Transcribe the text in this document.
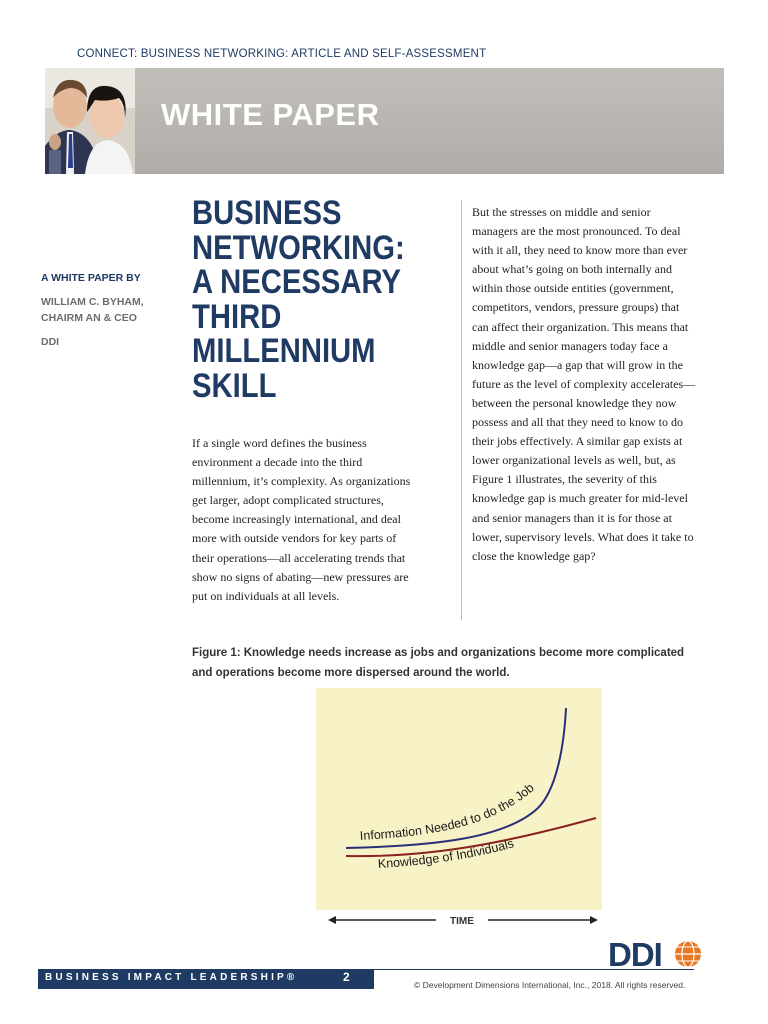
CONNECT: BUSINESS NETWORKING: ARTICLE AND SELF-ASSESSMENT
WHITE PAPER
A WHITE PAPER BY
WILLIAM C. BYHAM,
CHAIRM AN & CEO
DDI
BUSINESS
NETWORKING:
A NECESSARY
THIRD
MILLENNIUM
SKILL
If a single word defines the business
environment a decade into the third
millennium, it’s complexity. As organizations
get larger, adopt complicated structures,
become increasingly international, and deal
more with outside vendors for key parts of
their operations—all accelerating trends that
show no signs of abating—new pressures are
put on individuals at all levels.
But the stresses on middle and senior
managers are the most pronounced. To deal
with it all, they need to know more than ever
about what’s going on both internally and
within those outside entities (government,
competitors, vendors, pressure groups) that
can affect their organization. This means that
middle and senior managers today face a
knowledge gap—a gap that will grow in the
future as the level of complexity accelerates—
between the personal knowledge they now
possess and all that they need to know to do
their jobs effectively. A similar gap exists at
lower organizational levels as well, but, as
Figure 1 illustrates, the severity of this
knowledge gap is much greater for mid-level
and senior managers than it is for those at
lower, supervisory levels. What does it take to
close the knowledge gap?
Figure 1: Knowledge needs increase as jobs and organizations become more complicated
and operations become more dispersed around the world.
Information Needed to do the Job
Knowledge of Individuals
TIME
BUSINESS IMPACT LEADERSHIP®	2
DDI
© Development Dimensions International, Inc., 2018. All rights reserved.
